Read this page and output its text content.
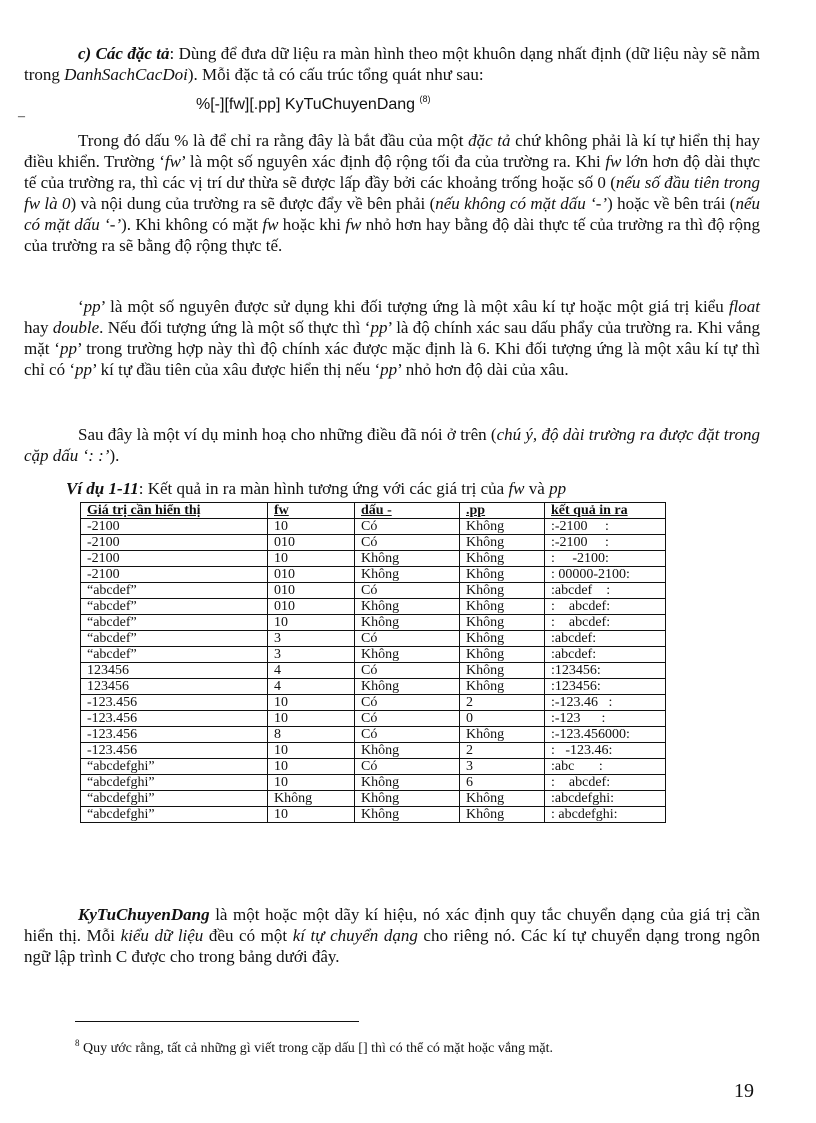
c) Các đặc tả: Dùng để đưa dữ liệu ra màn hình theo một khuôn dạng nhất định (dữ liệu này sẽ nằm trong DanhSachCacDoi). Mỗi đặc tả có cấu trúc tổng quát như sau:

–
%[-][fw][.pp] KyTuChuyenDang $^{(8)}$

Trong đó dấu % là để chỉ ra rằng đây là bắt đầu của một đặc tả chứ không phải là kí tự hiển thị hay điều khiển. Trường ‘fw’ là một số nguyên xác định độ rộng tối đa của trường ra. Khi fw lớn hơn độ dài thực tế của trường ra, thì các vị trí dư thừa sẽ được lấp đầy bởi các khoảng trống hoặc số 0 (nếu số đầu tiên trong fw là 0) và nội dung của trường ra sẽ được đẩy về bên phải (nếu không có mặt dấu ‘-’) hoặc về bên trái (nếu có mặt dấu ‘-’). Khi không có mặt fw hoặc khi fw nhỏ hơn hay bằng độ dài thực tế của trường ra thì độ rộng của trường ra sẽ bằng độ rộng thực tế.

‘pp’ là một số nguyên được sử dụng khi đối tượng ứng là một xâu kí tự hoặc một giá trị kiểu float hay double. Nếu đối tượng ứng là một số thực thì ‘pp’ là độ chính xác sau dấu phẩy của trường ra. Khi vắng mặt ‘pp’ trong trường hợp này thì độ chính xác được mặc định là 6. Khi đối tượng ứng là một xâu kí tự thì chỉ có ‘pp’ kí tự đầu tiên của xâu được hiển thị nếu ‘pp’ nhỏ hơn độ dài của xâu.

Sau đây là một ví dụ minh hoạ cho những điều đã nói ở trên (chú ý, độ dài trường ra được đặt trong cặp dấu ‘: :’).

Ví dụ 1-11: Kết quả in ra màn hình tương ứng với các giá trị của fw và pp

Giá trị cần hiển thị	fw	dấu -	.pp	kết quả in ra
-2100	10	Có	Không	:-2100     :
-2100	010	Có	Không	:-2100     :
-2100	10	Không	Không	:     -2100:
-2100	010	Không	Không	: 00000-2100:
“abcdef”	010	Có	Không	:abcdef    :
“abcdef”	010	Không	Không	:    abcdef:
“abcdef”	10	Không	Không	:    abcdef:
“abcdef”	3	Có	Không	:abcdef:
“abcdef”	3	Không	Không	:abcdef:
123456	4	Có	Không	:123456:
123456	4	Không	Không	:123456:
-123.456	10	Có	2	:-123.46   :
-123.456	10	Có	0	:-123      :
-123.456	8	Có	Không	:-123.456000:
-123.456	10	Không	2	:   -123.46:
“abcdefghi”	10	Có	3	:abc       :
“abcdefghi”	10	Không	6	:    abcdef:
“abcdefghi”	Không	Không	Không	:abcdefghi:
“abcdefghi”	10	Không	Không	: abcdefghi:

KyTuChuyenDang là một hoặc một dãy kí hiệu, nó xác định quy tắc chuyển dạng của giá trị cần hiển thị. Mỗi kiểu dữ liệu đều có một kí tự chuyển dạng cho riêng nó. Các kí tự chuyển dạng trong ngôn ngữ lập trình C được cho trong bảng dưới đây.

$^8$ Quy ước rằng, tất cả những gì viết trong cặp dấu [] thì có thể có mặt hoặc vắng mặt.

19
